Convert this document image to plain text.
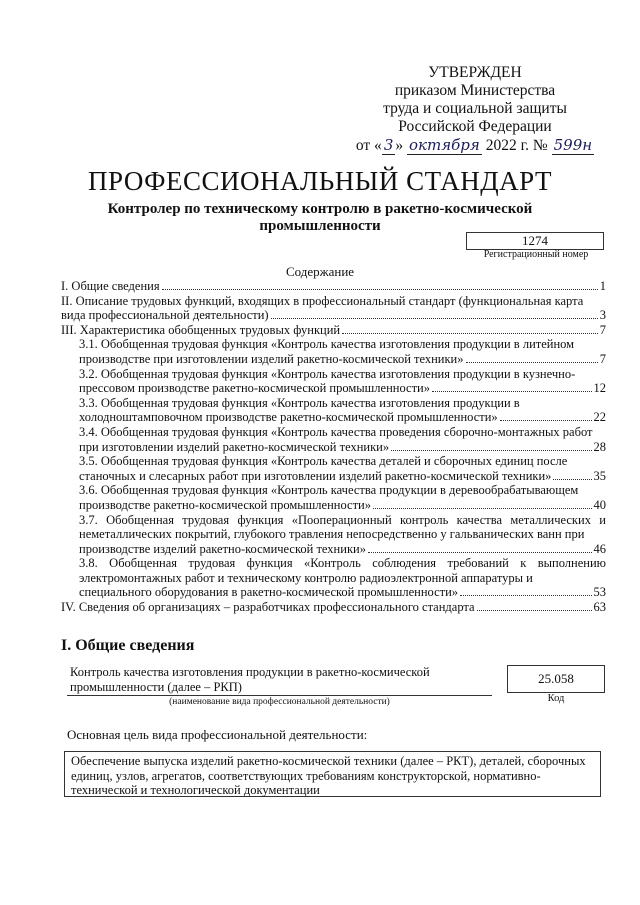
УТВЕРЖДЕН
приказом Министерства
труда и социальной защиты
Российской Федерации
от « 3 » октября 2022 г. № 599н
ПРОФЕССИОНАЛЬНЫЙ СТАНДАРТ
Контролер по техническому контролю в ракетно-космической промышленности
1274
Регистрационный номер
Содержание
I. Общие сведения	1
II. Описание трудовых функций, входящих в профессиональный стандарт (функциональная карта
вида профессиональной деятельности)	3
III. Характеристика обобщенных трудовых функций	7
3.1. Обобщенная трудовая функция «Контроль качества изготовления продукции в литейном
производстве при изготовлении изделий ракетно-космической техники»	7
3.2. Обобщенная трудовая функция «Контроль качества изготовления продукции в кузнечно-
прессовом производстве ракетно-космической промышленности»	12
3.3. Обобщенная трудовая функция «Контроль качества изготовления продукции в
холодноштамповочном производстве ракетно-космической промышленности»	22
3.4. Обобщенная трудовая функция «Контроль качества проведения сборочно-монтажных работ
при изготовлении изделий ракетно-космической техники»	28
3.5. Обобщенная трудовая функция «Контроль качества деталей и сборочных единиц после
станочных и слесарных работ при изготовлении изделий ракетно-космической техники»	35
3.6. Обобщенная трудовая функция «Контроль качества продукции в деревообрабатывающем
производстве ракетно-космической промышленности»	40
3.7. Обобщенная трудовая функция «Пооперационный контроль качества металлических и неметаллических покрытий, глубокого травления непосредственно у гальванических ванн при
производстве изделий ракетно-космической техники»	46
3.8. Обобщенная трудовая функция «Контроль соблюдения требований к выполнению электромонтажных работ и техническому контролю радиоэлектронной аппаратуры и
специального оборудования в ракетно-космической промышленности»	53
IV. Сведения об организациях – разработчиках профессионального стандарта	63
I. Общие сведения
Контроль качества изготовления продукции в ракетно-космической промышленности (далее – РКП)
(наименование вида профессиональной деятельности)
25.058
Код
Основная цель вида профессиональной деятельности:
Обеспечение выпуска изделий ракетно-космической техники (далее – РКТ), деталей, сборочных единиц, узлов, агрегатов, соответствующих требованиям конструкторской, нормативно-технической и технологической документации
